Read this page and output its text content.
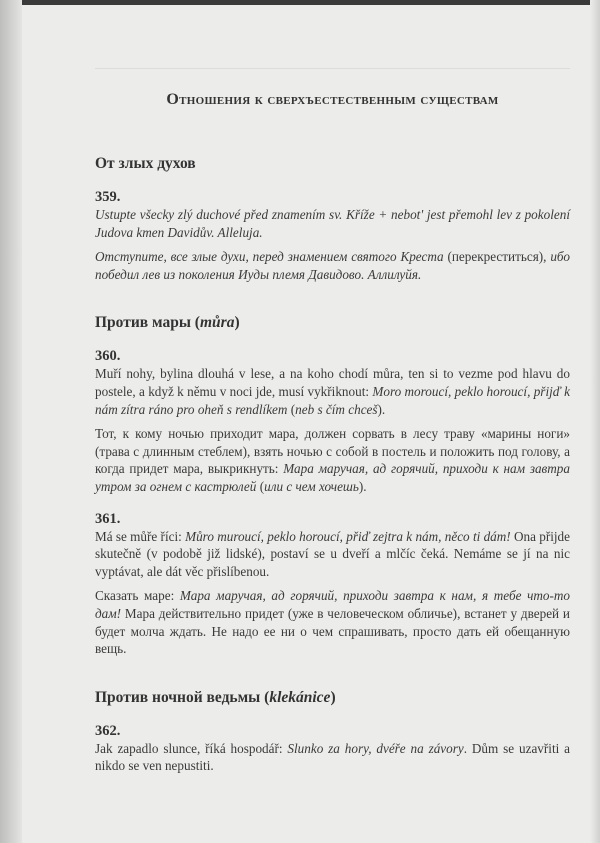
Отношения к сверхъестественным существам
От злых духов
359.
Ustupte všecky zlý duchové před znamením sv. Kříže + nebot' jest přemohl lev z pokolení Judova kmen Davidův. Alleluja.
Отступите, все злые духи, перед знамением святого Креста (перекреститься), ибо победил лев из поколения Иуды племя Давидово. Аллилуйя.
Против мары (můra)
360.
Muří nohy, bylina dlouhá v lese, a na koho chodí můra, ten si to vezme pod hlavu do postele, a když k němu v noci jde, musí vykřiknout: Moro moroucí, peklo horoucí, přijď k nám zítra ráno pro oheň s rendlíkem (neb s čím chceš).
Тот, к кому ночью приходит мара, должен сорвать в лесу траву «марины ноги» (трава с длинным стеблем), взять ночью с собой в постель и положить под голову, а когда придет мара, выкрикнуть: Мара маручая, ад горячий, приходи к нам завтра утром за огнем с кастрюлей (или с чем хочешь).
361.
Má se můře říci: Můro muroucí, peklo horoucí, přiď zejtra k nám, něco ti dám! Ona přijde skutečně (v podobě již lidské), postaví se u dveří a mlčíc čeká. Nemáme se jí na nic vyptávat, ale dát věc přislíbenou.
Сказать маре: Мара маручая, ад горячий, приходи завтра к нам, я тебе что-то дам! Мара действительно придет (уже в человеческом обличье), встанет у дверей и будет молча ждать. Не надо ее ни о чем спрашивать, просто дать ей обещанную вещь.
Против ночной ведьмы (klekánice)
362.
Jak zapadlo slunce, říká hospodář: Slunko za hory, dvéře na závory. Dům se uzavřiti a nikdo se ven nepustiti.
